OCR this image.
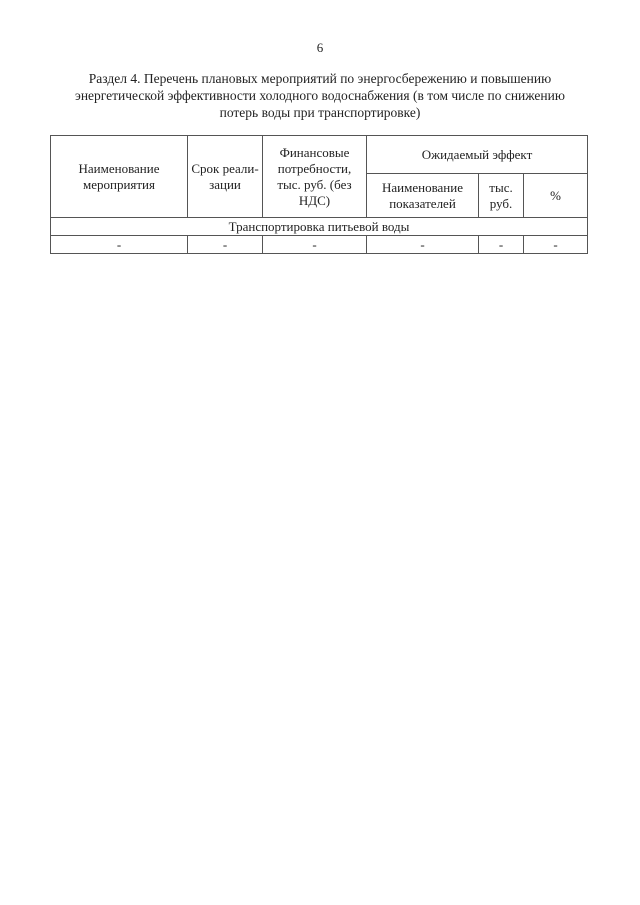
6
Раздел 4. Перечень плановых мероприятий по энергосбережению и повышению энергетической эффективности холодного водоснабжения (в том числе по снижению потерь воды при транспортировке)
Наименование мероприятия	Срок реали- зации	Финансовые потребности, тыс. руб. (без НДС)	Ожидаемый эффект		
			Наименование показателей	тыс. руб.	%
Транспортировка питьевой воды					
-	-	-	-	-	-
